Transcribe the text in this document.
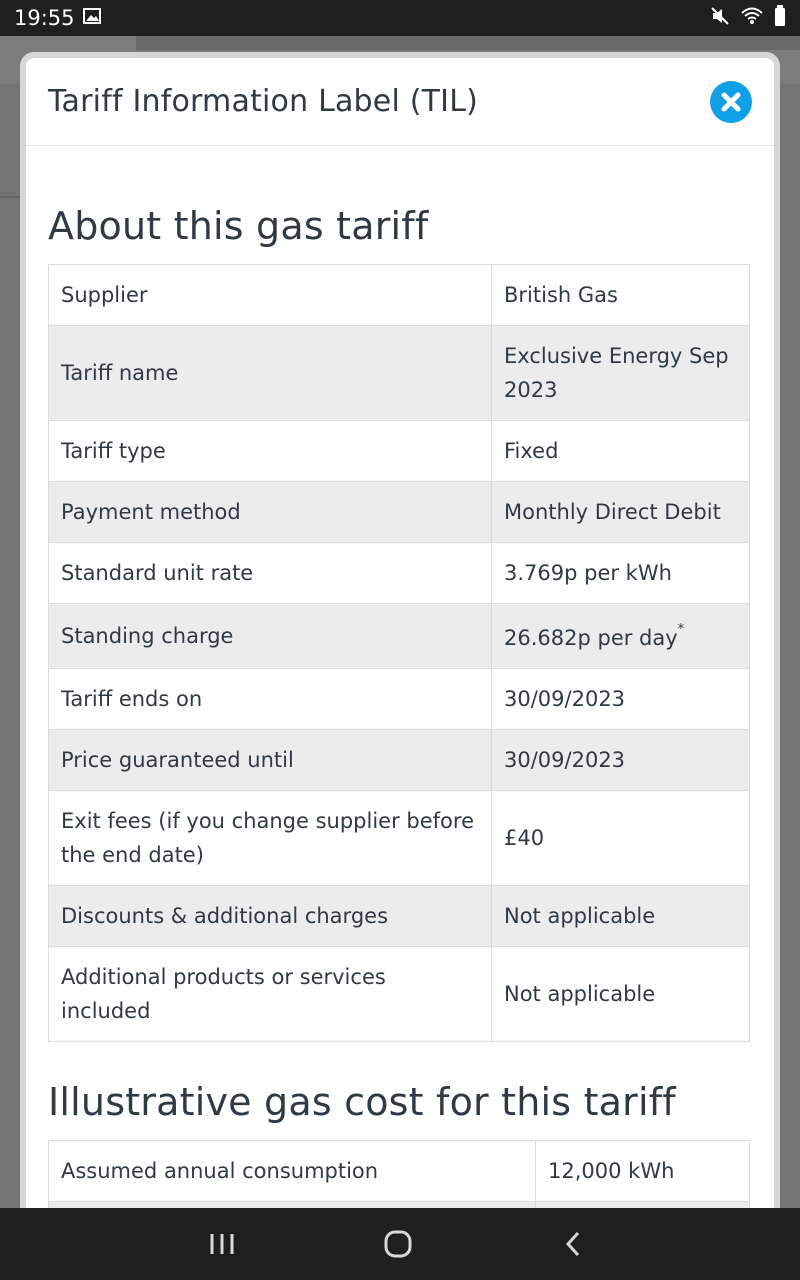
19:55
Tariff Information Label (TIL)
About this gas tariff
Supplier	British Gas
Tariff name	Exclusive Energy Sep 2023
Tariff type	Fixed
Payment method	Monthly Direct Debit
Standard unit rate	3.769p per kWh
Standing charge	26.682p per day*
Tariff ends on	30/09/2023
Price guaranteed until	30/09/2023
Exit fees (if you change supplier before the end date)	£40
Discounts & additional charges	Not applicable
Additional products or services included	Not applicable
Illustrative gas cost for this tariff
Assumed annual consumption	12,000 kWh
